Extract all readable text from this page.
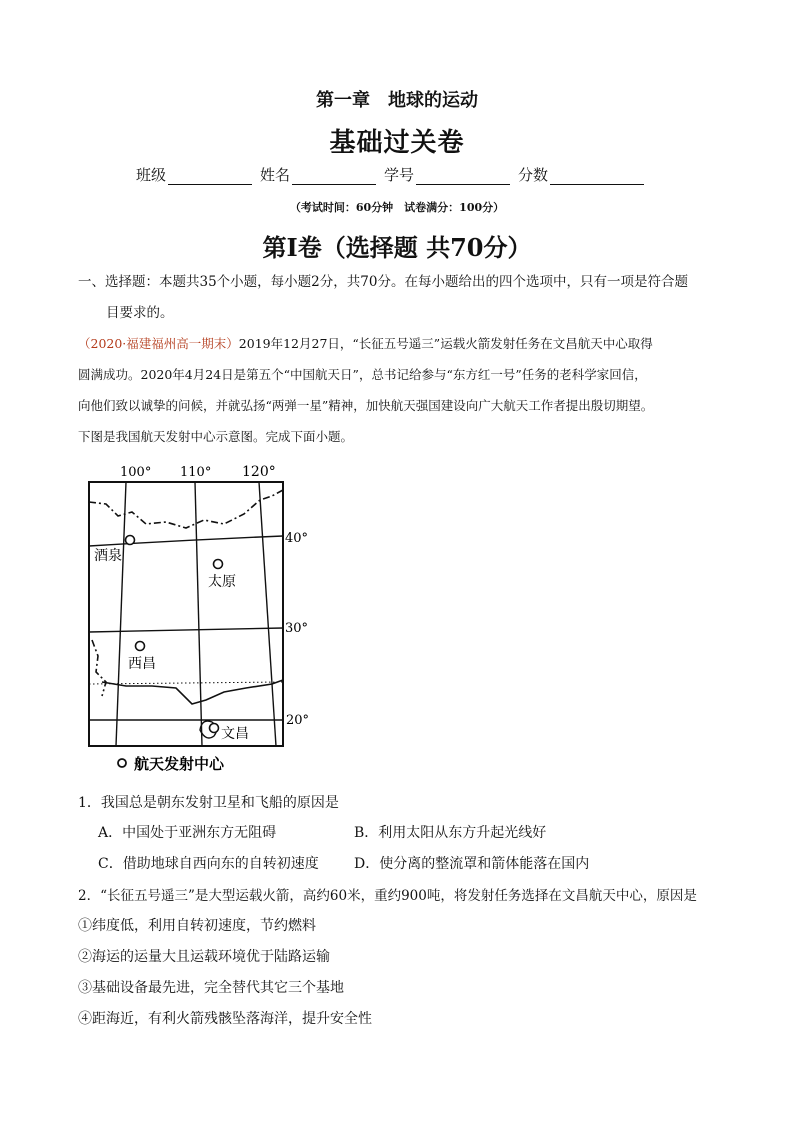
第一章　地球的运动
基础过关卷
班级	姓名	学号	分数
（考试时间：60分钟　试卷满分：100分）
第Ⅰ卷（选择题 共70分）
一、选择题：本题共35个小题，每小题2分，共70分。在每小题给出的四个选项中，只有一项是符合题
目要求的。
（2020·福建福州高一期末）2019年12月27日，“长征五号遥三”运载火箭发射任务在文昌航天中心取得
圆满成功。2020年4月24日是第五个“中国航天日”，总书记给参与“东方红一号”任务的老科学家回信，
向他们致以诚挚的问候，并就弘扬“两弹一星”精神，加快航天强国建设向广大航天工作者提出殷切期望。
下图是我国航天发射中心示意图。完成下面小题。
100° 110° 120°
40°
30°
20°
酒泉
太原
西昌
文昌
航天发射中心
1．我国总是朝东发射卫星和飞船的原因是
A．中国处于亚洲东方无阻碍	B．利用太阳从东方升起光线好
C．借助地球自西向东的自转初速度	D．使分离的整流罩和箭体能落在国内
2．“长征五号遥三”是大型运载火箭，高约60米，重约900吨，将发射任务选择在文昌航天中心，原因是
①纬度低，利用自转初速度，节约燃料
②海运的运量大且运载环境优于陆路运输
③基础设备最先进，完全替代其它三个基地
④距海近，有利火箭残骸坠落海洋，提升安全性
